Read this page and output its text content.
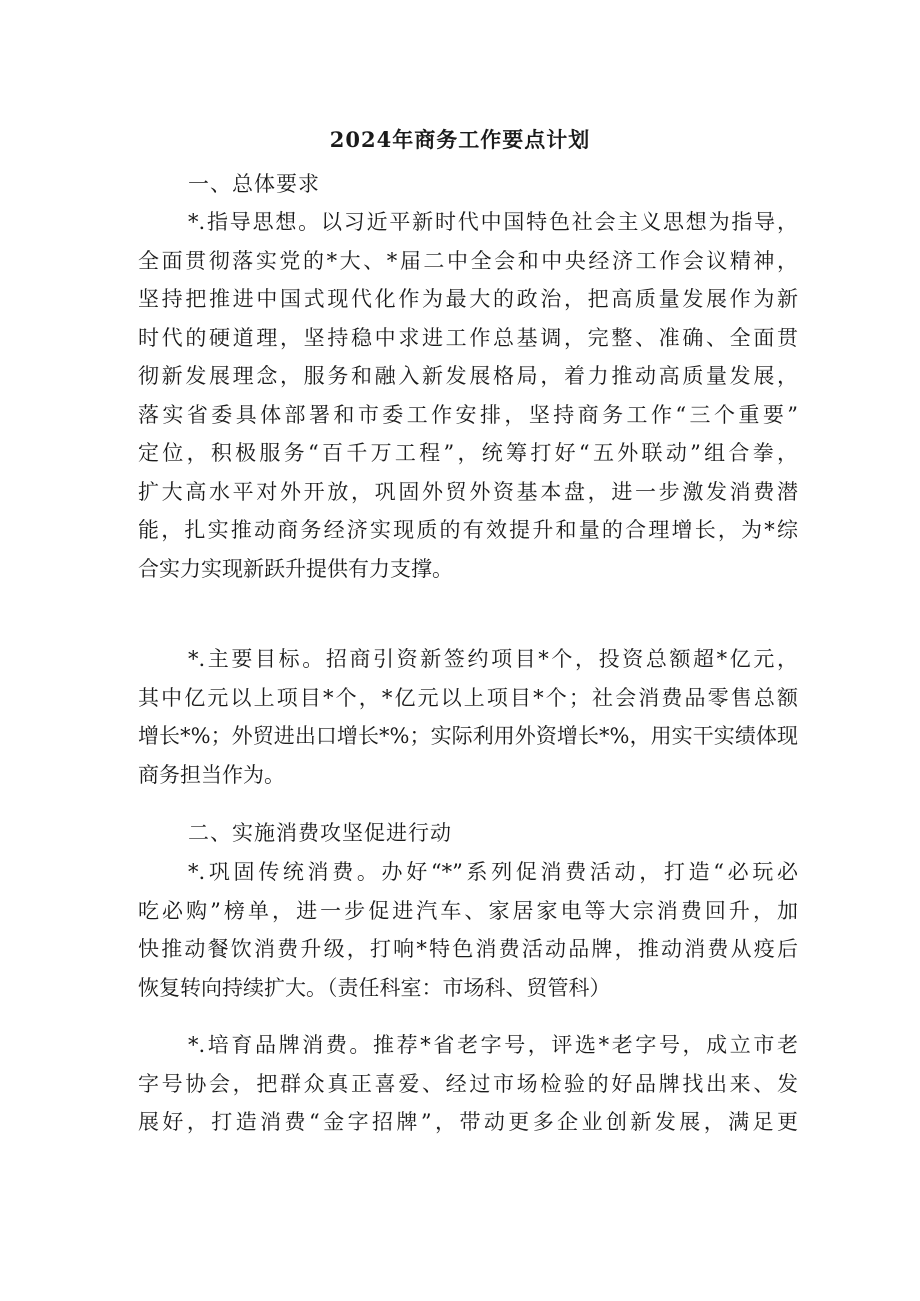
2024年商务工作要点计划
一、总体要求
*.指导思想。以习近平新时代中国特色社会主义思想为指导，
全面贯彻落实党的*大、*届二中全会和中央经济工作会议精神，
坚持把推进中国式现代化作为最大的政治，把高质量发展作为新
时代的硬道理，坚持稳中求进工作总基调，完整、准确、全面贯
彻新发展理念，服务和融入新发展格局，着力推动高质量发展，
落实省委具体部署和市委工作安排，坚持商务工作“三个重要”
定位，积极服务“百千万工程”，统筹打好“五外联动”组合拳，
扩大高水平对外开放，巩固外贸外资基本盘，进一步激发消费潜
能，扎实推动商务经济实现质的有效提升和量的合理增长，为*综
合实力实现新跃升提供有力支撑。
*.主要目标。招商引资新签约项目*个，投资总额超*亿元，
其中亿元以上项目*个，*亿元以上项目*个；社会消费品零售总额
增长*%；外贸进出口增长*%；实际利用外资增长*%，用实干实绩体现
商务担当作为。
二、实施消费攻坚促进行动
*.巩固传统消费。办好“*”系列促消费活动，打造“必玩必
吃必购”榜单，进一步促进汽车、家居家电等大宗消费回升，加
快推动餐饮消费升级，打响*特色消费活动品牌，推动消费从疫后
恢复转向持续扩大。（责任科室：市场科、贸管科）
*.培育品牌消费。推荐*省老字号，评选*老字号，成立市老
字号协会，把群众真正喜爱、经过市场检验的好品牌找出来、发
展好，打造消费“金字招牌”，带动更多企业创新发展，满足更
